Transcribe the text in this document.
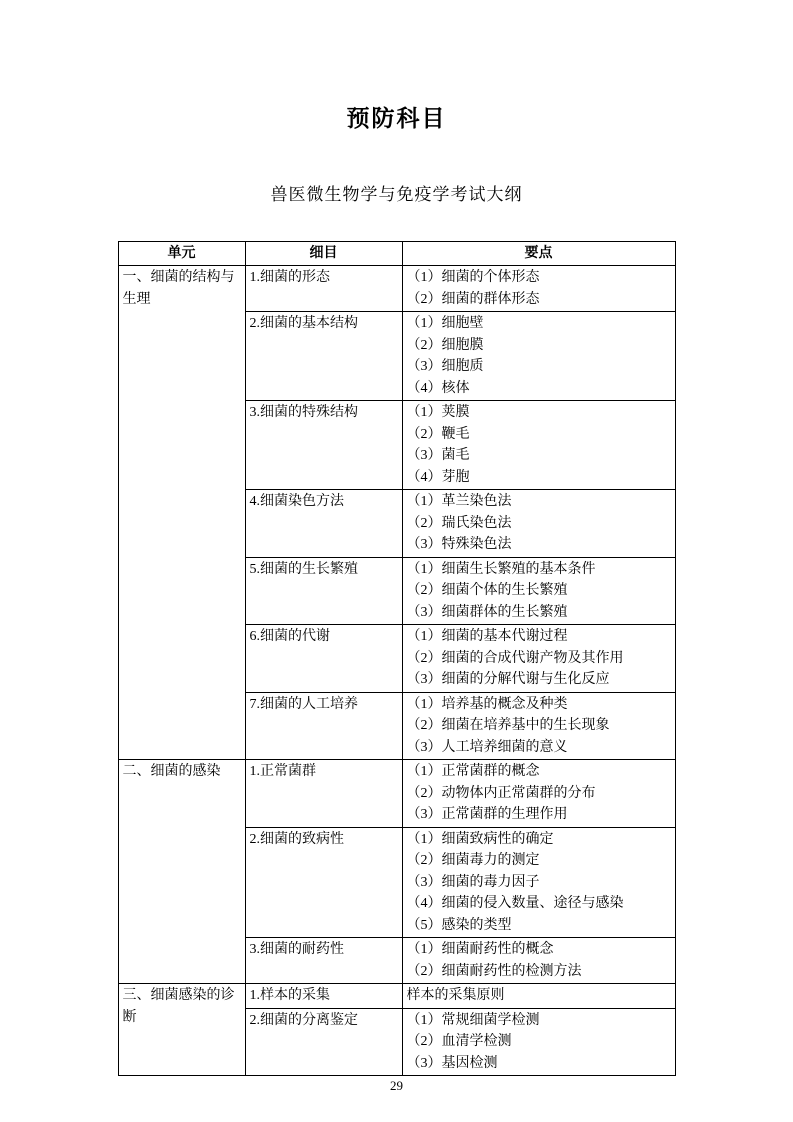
预防科目
兽医微生物学与免疫学考试大纲
单元	细目	要点
一、细菌的结构与生理	1.细菌的形态	（1）细菌的个体形态
（2）细菌的群体形态

	2.细菌的基本结构	（1）细胞壁
（2）细胞膜
（3）细胞质
（4）核体

	3.细菌的特殊结构	（1）荚膜
（2）鞭毛
（3）菌毛
（4）芽胞

	4.细菌染色方法	（1）革兰染色法
（2）瑞氏染色法
（3）特殊染色法

	5.细菌的生长繁殖	（1）细菌生长繁殖的基本条件
（2）细菌个体的生长繁殖
（3）细菌群体的生长繁殖

	6.细菌的代谢	（1）细菌的基本代谢过程
（2）细菌的合成代谢产物及其作用
（3）细菌的分解代谢与生化反应

	7.细菌的人工培养	（1）培养基的概念及种类
（2）细菌在培养基中的生长现象
（3）人工培养细菌的意义

二、细菌的感染	1.正常菌群	（1）正常菌群的概念
（2）动物体内正常菌群的分布
（3）正常菌群的生理作用

	2.细菌的致病性	（1）细菌致病性的确定
（2）细菌毒力的测定
（3）细菌的毒力因子
（4）细菌的侵入数量、途径与感染
（5）感染的类型

	3.细菌的耐药性	（1）细菌耐药性的概念
（2）细菌耐药性的检测方法

三、细菌感染的诊断	1.样本的采集	样本的采集原则

	2.细菌的分离鉴定	（1）常规细菌学检测
（2）血清学检测
（3）基因检测
29
